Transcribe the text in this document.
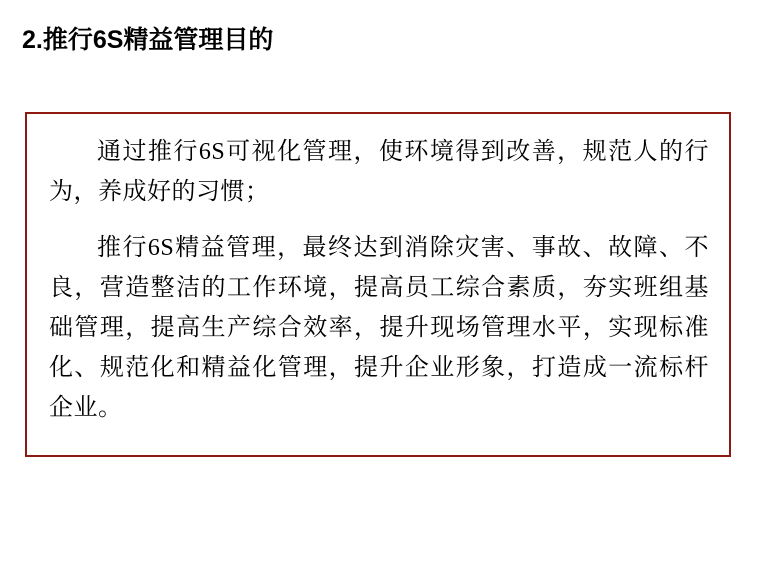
2.推行6S精益管理目的

通过推行6S可视化管理，使环境得到改善，规范人的行为，养成好的习惯；

推行6S精益管理，最终达到消除灾害、事故、故障、不良，营造整洁的工作环境，提高员工综合素质，夯实班组基础管理，提高生产综合效率，提升现场管理水平，实现标准化、规范化和精益化管理，提升企业形象，打造成一流标杆企业。
